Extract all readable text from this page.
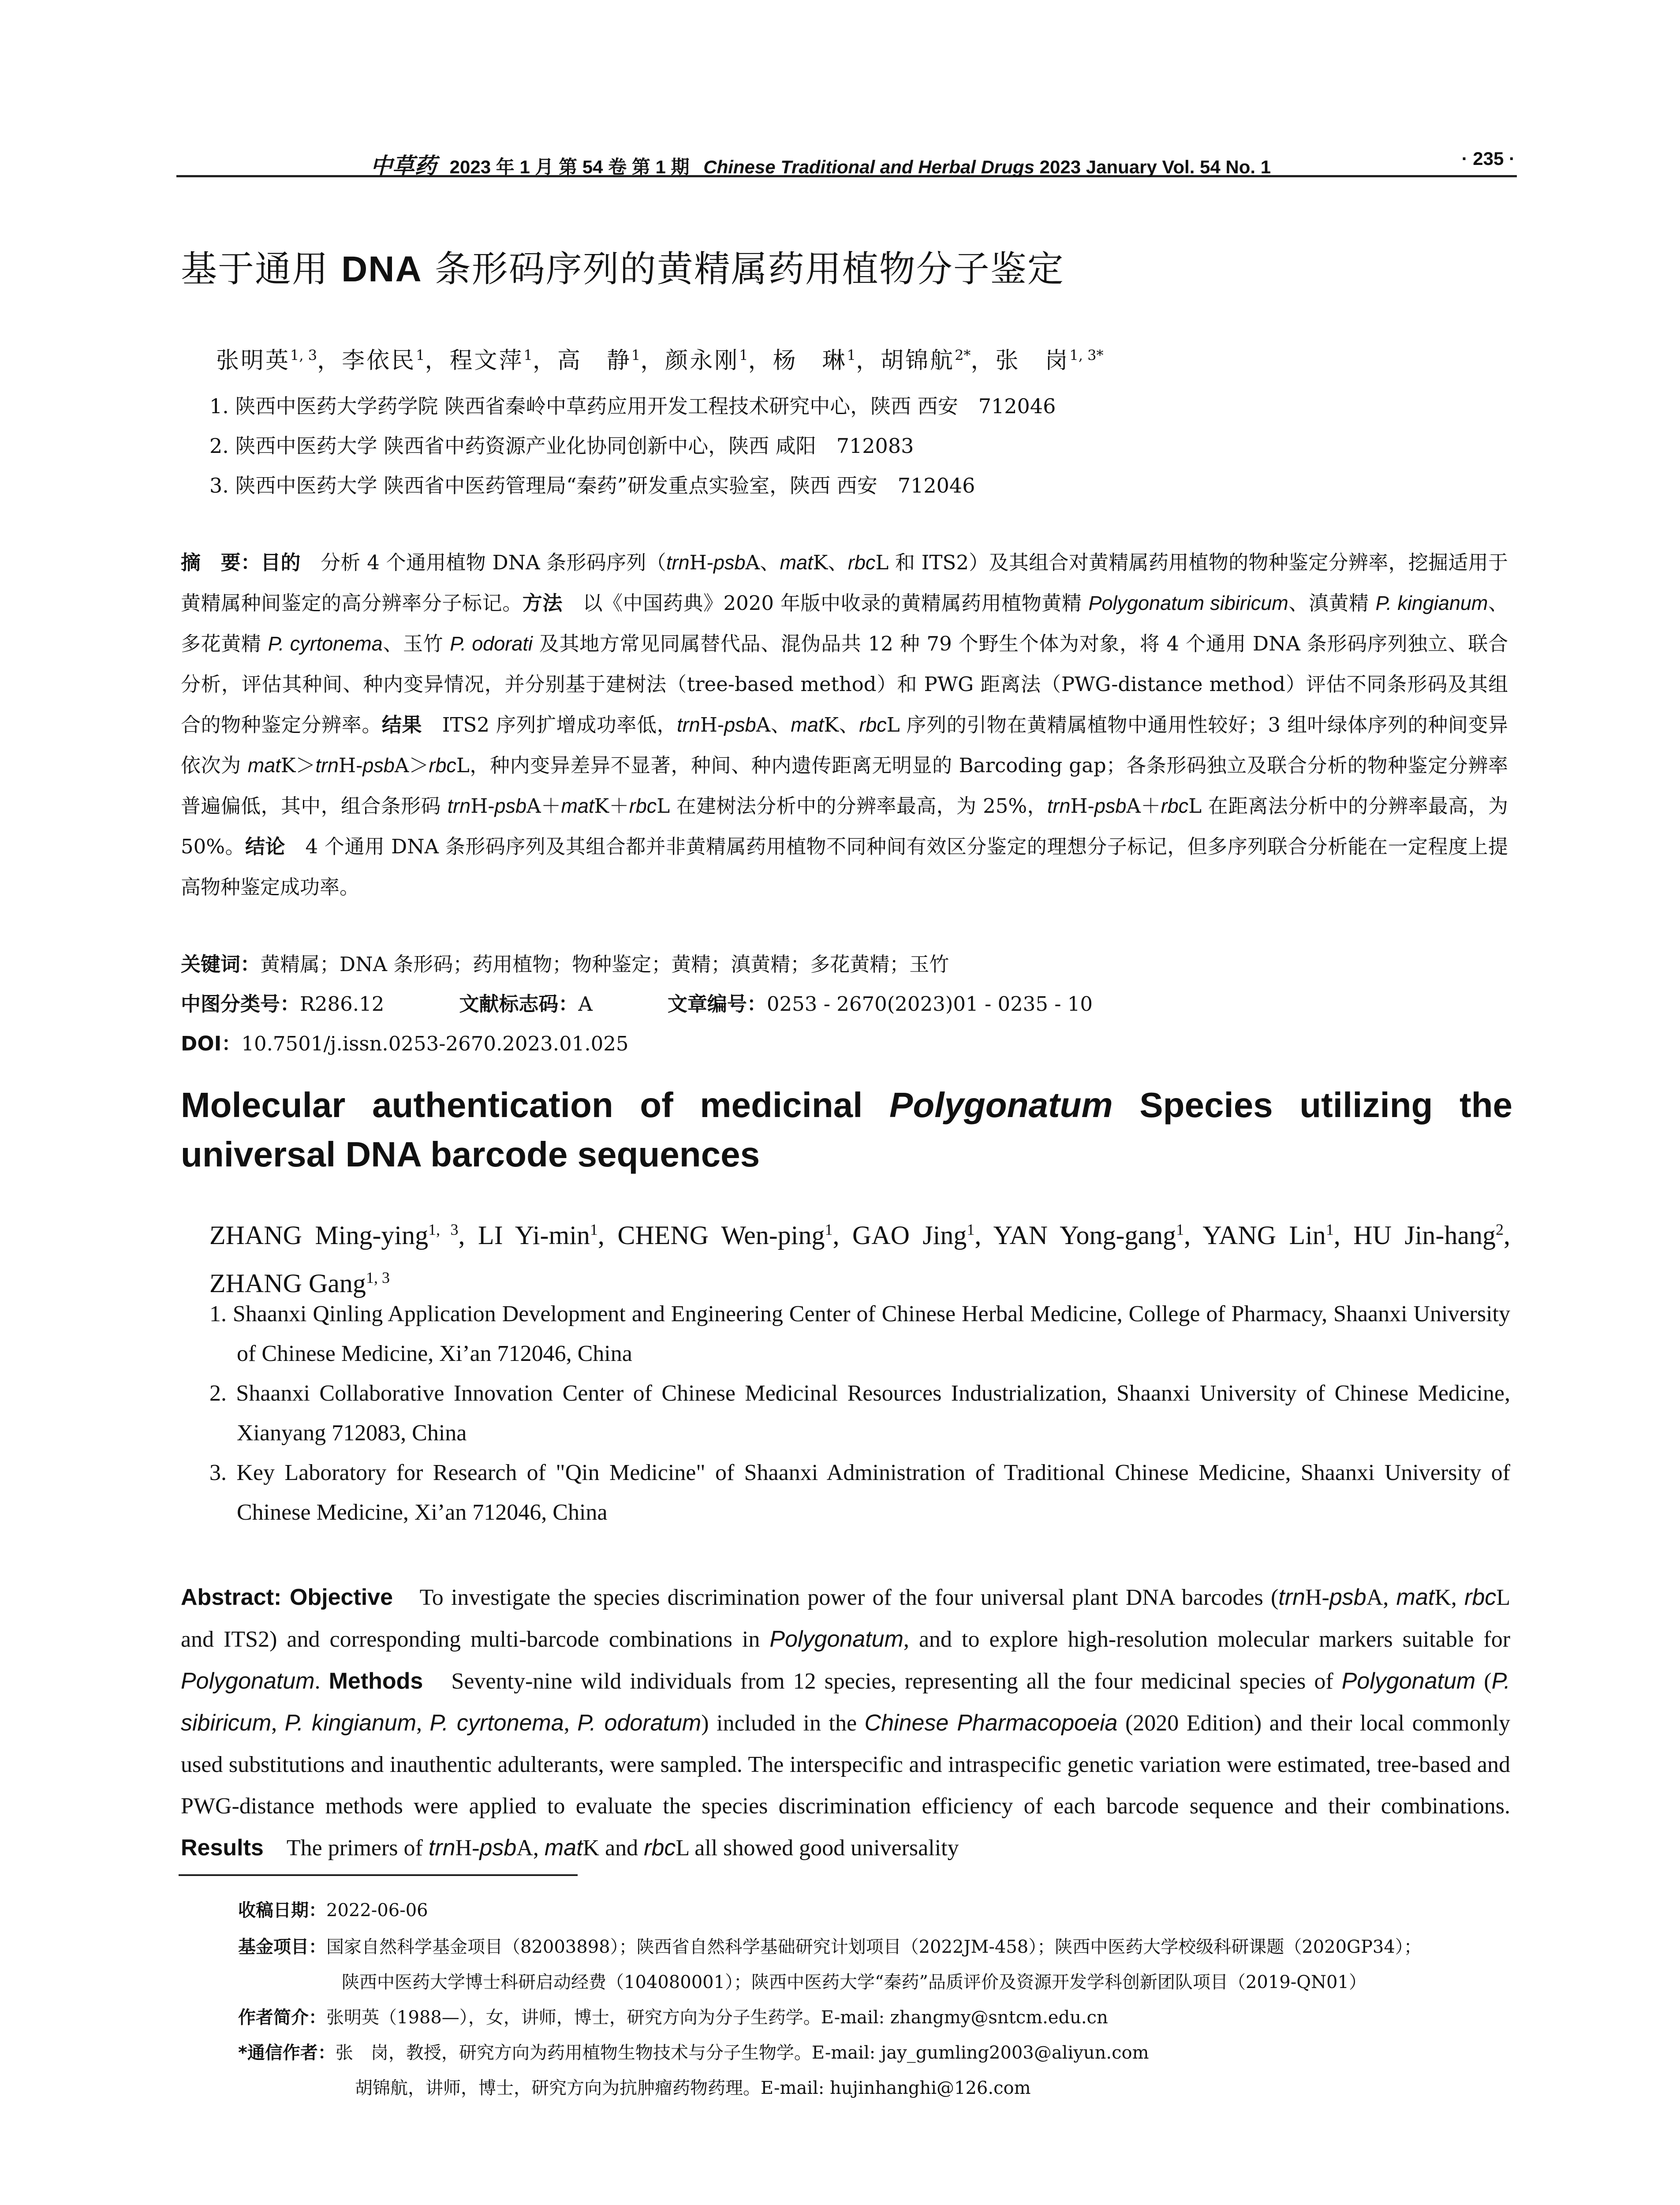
中草药 2023 年 1 月 第 54 卷 第 1 期 Chinese Traditional and Herbal Drugs 2023 January Vol. 54 No. 1	· 235 ·
基于通用 DNA 条形码序列的黄精属药用植物分子鉴定
张明英$^{1, 3}$，李依民$^1$，程文萍$^1$，高　静$^1$，颜永刚$^1$，杨　琳$^1$，胡锦航$^{2*}$，张　岗$^{1, 3*}$
1. 陕西中医药大学药学院 陕西省秦岭中草药应用开发工程技术研究中心，陕西 西安　712046
2. 陕西中医药大学 陕西省中药资源产业化协同创新中心，陕西 咸阳　712083
3. 陕西中医药大学 陕西省中医药管理局“秦药”研发重点实验室，陕西 西安　712046
摘　要：目的　分析 4 个通用植物 DNA 条形码序列（trnH-psbA、matK、rbcL 和 ITS2）及其组合对黄精属药用植物的物种鉴定分辨率，挖掘适用于黄精属种间鉴定的高分辨率分子标记。方法　以《中国药典》2020 年版中收录的黄精属药用植物黄精 Polygonatum sibiricum、滇黄精 P. kingianum、多花黄精 P. cyrtonema、玉竹 P. odorati 及其地方常见同属替代品、混伪品共 12 种 79 个野生个体为对象，将 4 个通用 DNA 条形码序列独立、联合分析，评估其种间、种内变异情况，并分别基于建树法（tree-based method）和 PWG 距离法（PWG-distance method）评估不同条形码及其组合的物种鉴定分辨率。结果　ITS2 序列扩增成功率低，trnH-psbA、matK、rbcL 序列的引物在黄精属植物中通用性较好；3 组叶绿体序列的种间变异依次为 matK＞trnH-psbA＞rbcL，种内变异差异不显著，种间、种内遗传距离无明显的 Barcoding gap；各条形码独立及联合分析的物种鉴定分辨率普遍偏低，其中，组合条形码 trnH-psbA＋matK＋rbcL 在建树法分析中的分辨率最高，为 25%，trnH-psbA＋rbcL 在距离法分析中的分辨率最高，为 50%。结论　4 个通用 DNA 条形码序列及其组合都并非黄精属药用植物不同种间有效区分鉴定的理想分子标记，但多序列联合分析能在一定程度上提高物种鉴定成功率。
关键词：黄精属；DNA 条形码；药用植物；物种鉴定；黄精；滇黄精；多花黄精；玉竹
中图分类号：R286.12	文献标志码：A	文章编号：0253 - 2670(2023)01 - 0235 - 10
DOI：10.7501/j.issn.0253-2670.2023.01.025
Molecular authentication of medicinal Polygonatum Species utilizing the universal DNA barcode sequences
ZHANG Ming-ying$^{1, 3}$, LI $Yi-\min^1$, CHENG Wen-ping$^1$, GAO Jing$^1$, YAN Yong-gang$^1$, YANG Lin$^1$, HU Jin-hang$^2$, ZHANG Gang$^{1, 3}$
1. Shaanxi Qinling Application Development and Engineering Center of Chinese Herbal Medicine, College of Pharmacy, Shaanxi University of Chinese Medicine, Xi’an 712046, China
2. Shaanxi Collaborative Innovation Center of Chinese Medicinal Resources Industrialization, Shaanxi University of Chinese Medicine, Xianyang 712083, China
3. Key Laboratory for Research of "Qin Medicine" of Shaanxi Administration of Traditional Chinese Medicine, Shaanxi University of Chinese Medicine, Xi’an 712046, China
Abstract: Objective　To investigate the species discrimination power of the four universal plant DNA barcodes (trnH-psbA, matK, rbcL and ITS2) and corresponding multi-barcode combinations in Polygonatum, and to explore high-resolution molecular markers suitable for Polygonatum. Methods　Seventy-nine wild individuals from 12 species, representing all the four medicinal species of Polygonatum (P. sibiricum, P. kingianum, P. cyrtonema, P. odoratum) included in the Chinese Pharmacopoeia (2020 Edition) and their local commonly used substitutions and inauthentic adulterants, were sampled. The interspecific and intraspecific genetic variation were estimated, tree-based and PWG-distance methods were applied to evaluate the species discrimination efficiency of each barcode sequence and their combinations. Results　The primers of trnH-psbA, matK and rbcL all showed good universality
收稿日期：2022-06-06
基金项目：国家自然科学基金项目（82003898）；陕西省自然科学基础研究计划项目（2022JM-458）；陕西中医药大学校级科研课题（2020GP34）；
陕西中医药大学博士科研启动经费（104080001）；陕西中医药大学“秦药”品质评价及资源开发学科创新团队项目（2019-QN01）
作者简介：张明英（1988—），女，讲师，博士，研究方向为分子生药学。E-mail: zhangmy@sntcm.edu.cn
*通信作者：张　岗，教授，研究方向为药用植物生物技术与分子生物学。E-mail: jay_gumling2003@aliyun.com
胡锦航，讲师，博士，研究方向为抗肿瘤药物药理。E-mail: hujinhanghi@126.com
